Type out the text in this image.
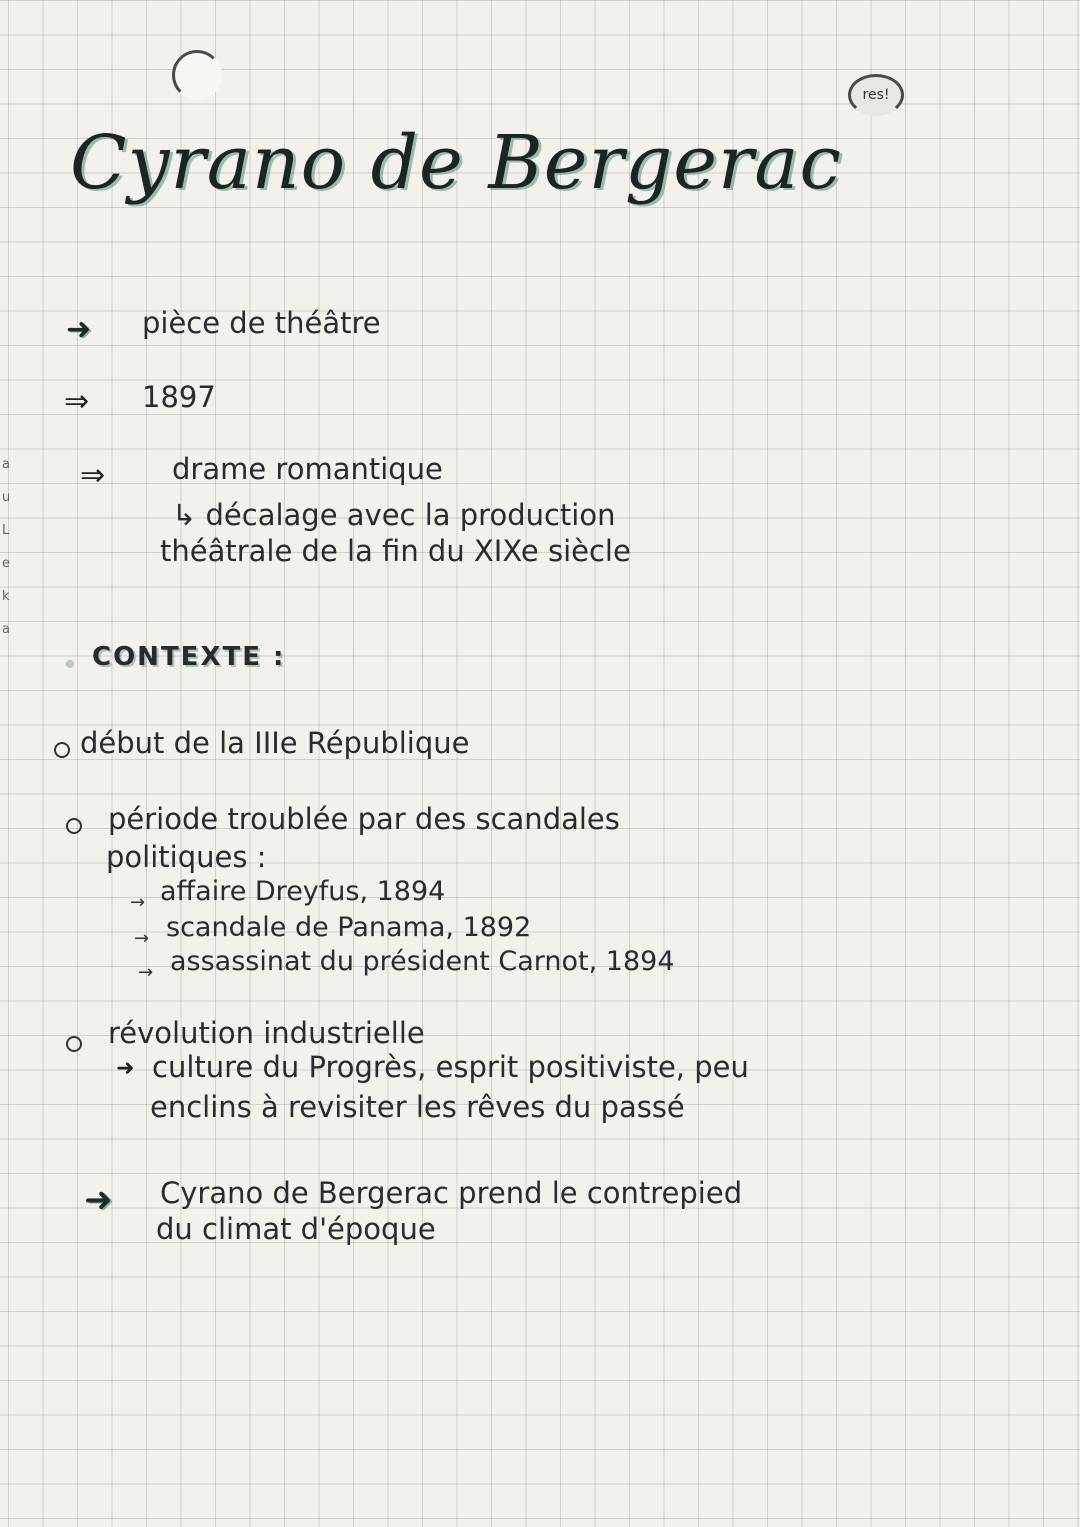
res!
a
u
L
e
k
a
Cyrano de Bergerac
➜ pièce de théâtre
⇒ 1897
⇒ drame romantique
↳ décalage avec la production
théâtrale de la fin du XIXe siècle
CONTEXTE :
début de la IIIe République
période troublée par des scandales
politiques :
→ affaire Dreyfus, 1894
→ scandale de Panama, 1892
→ assassinat du président Carnot, 1894
révolution industrielle
➜ culture du Progrès, esprit positiviste, peu
enclins à revisiter les rêves du passé
➜ Cyrano de Bergerac prend le contrepied
du climat d'époque
